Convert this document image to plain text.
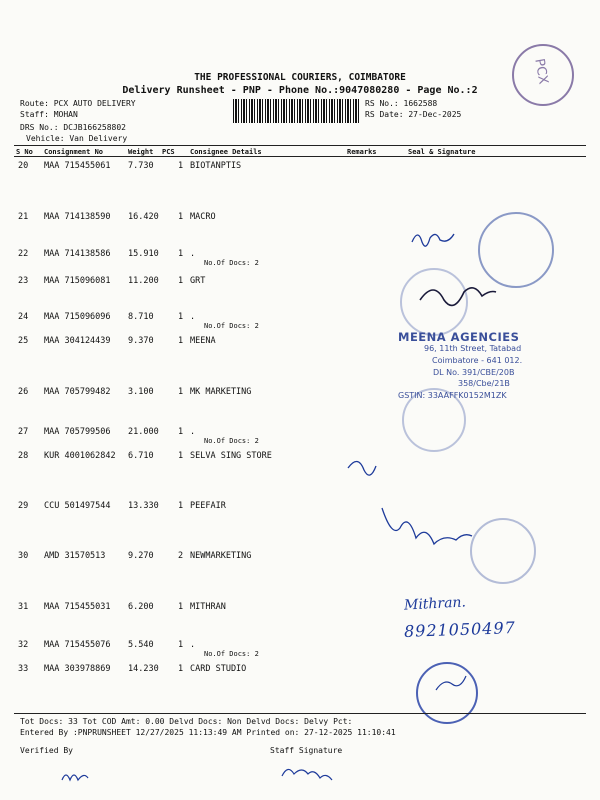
THE PROFESSIONAL COURIERS, COIMBATORE
Delivery Runsheet - PNP - Phone No.:9047080280 - Page No.:2
Route: PCX AUTO DELIVERY
Staff: MOHAN
DRS No.: DCJB166258802
Vehicle: Van Delivery
RS No.: 1662588
RS Date: 27-Dec-2025
PCX
S No Consignment No	Weight PCS Consignee Details	Remarks	Seal & Signature
20 MAA 715455061 7.730	1 BIOTANPTIS
21 MAA 714138590 16.420 1 MACRO
22 MAA 714138586 15.910 1 .
No.Of Docs: 2
23 MAA 715096081 11.200 1 GRT
24 MAA 715096096 8.710	1 .
No.Of Docs: 2
25 MAA 304124439 9.370	1 MEENA
26 MAA 705799482 3.100	1 MK MARKETING
27 MAA 705799506 21.000 1 .
No.Of Docs: 2
28 KUR 4001062842 6.710	1 SELVA SING STORE
29 CCU 501497544 13.330 1 PEEFAIR
30 AMD 31570513	9.270	2 NEWMARKETING
31 MAA 715455031 6.200	1 MITHRAN
32 MAA 715455076 5.540	1 .
No.Of Docs: 2
33 MAA 303978869 14.230 1 CARD STUDIO
MEENA AGENCIES
96, 11th Street, Tatabad
Coimbatore - 641 012.
DL No. 391/CBE/20B
358/Cbe/21B
GSTIN: 33AAFFK0152M1ZK
Mithran.
8921050497
Tot Docs: 33 Tot COD Amt: 0.00 Delvd Docs: Non Delvd Docs: Delvy Pct:
Entered By :PNPRUNSHEET 12/27/2025 11:13:49 AM Printed on: 27-12-2025 11:10:41
Verified By	Staff Signature
